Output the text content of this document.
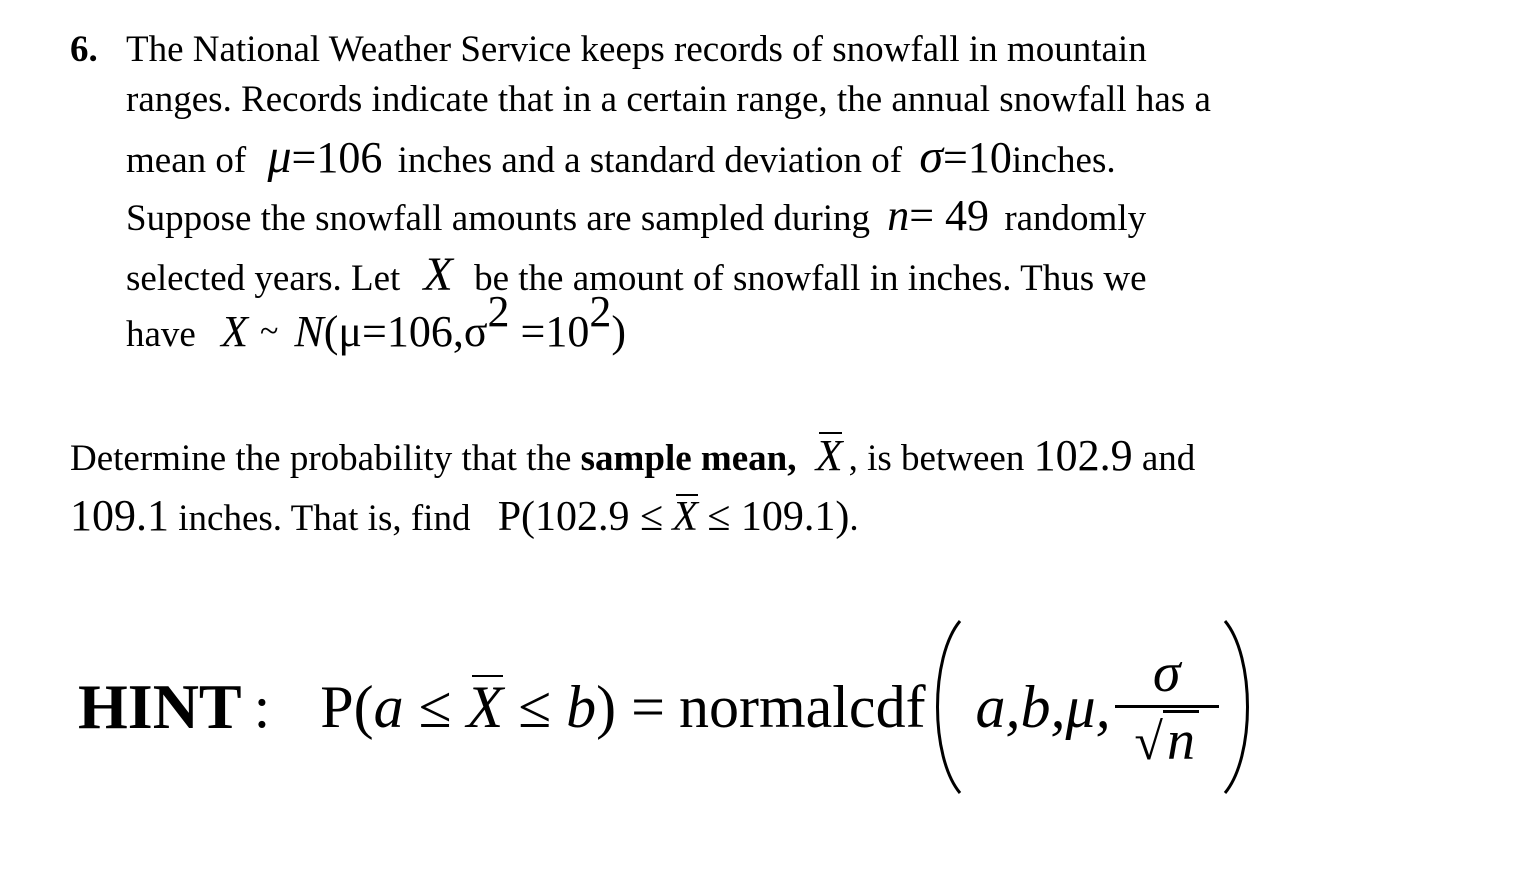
6. The National Weather Service keeps records of snowfall in mountain
ranges. Records indicate that in a certain range, the annual snowfall has a
mean of μ=106 inches and a standard deviation of σ=10inches.
Suppose the snowfall amounts are sampled during n= 49 randomly
selected years. Let X be the amount of snowfall in inches. Thus we
have X ~ $N(\mu=106,\sigma^2 =10^2)$
Determine the probability that the sample mean, X , is between 102.9 and
109.1 inches. That is, find P(102.9 ≤ X ≤ 109.1).
HINT : P(a ≤ X ≤ b) = normalcdf a,b,μ, $\frac{\sigma}{√ n}$
